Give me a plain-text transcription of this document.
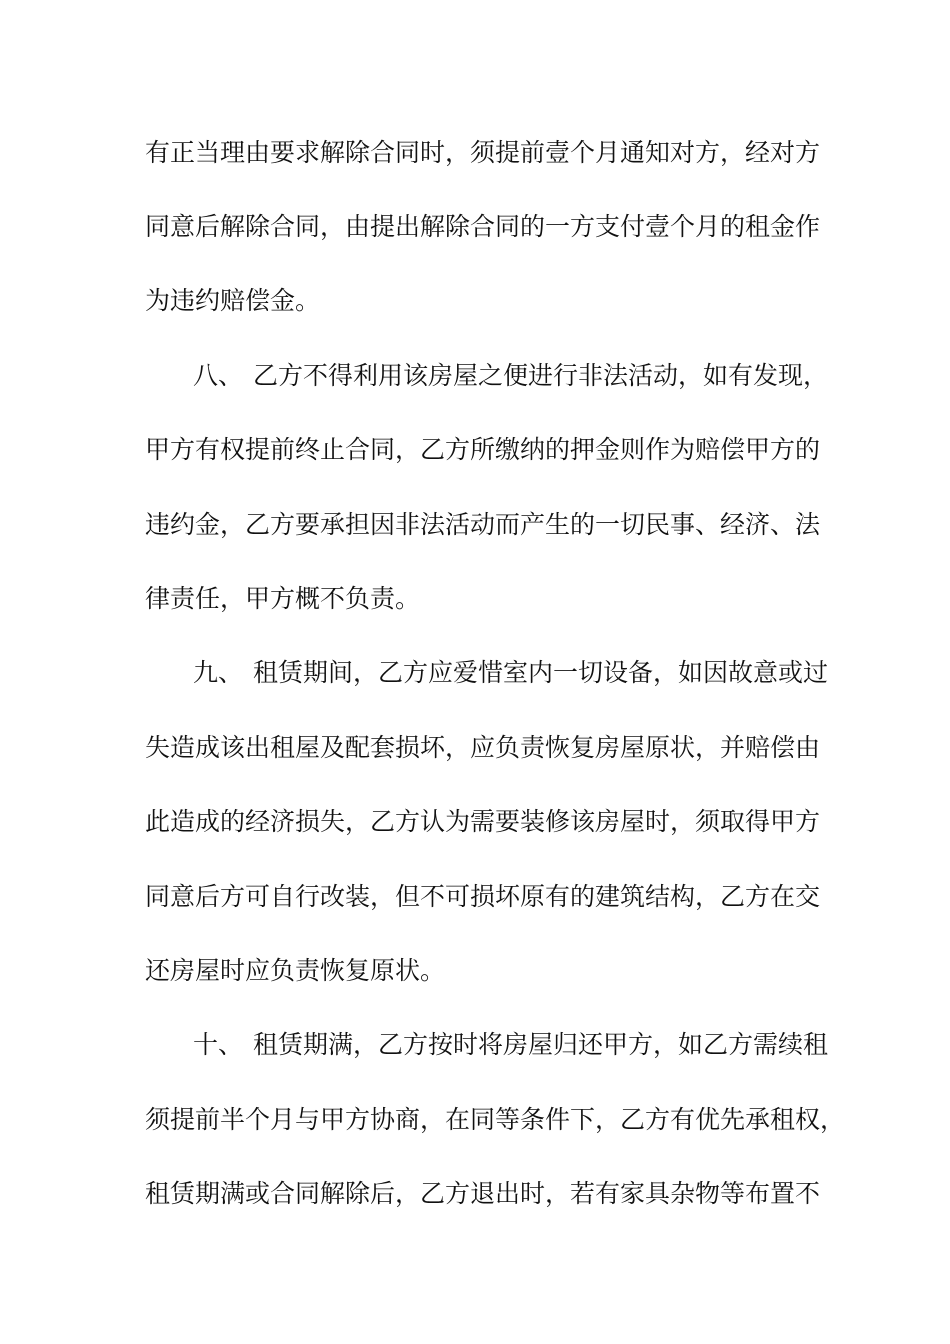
有正当理由要求解除合同时，须提前壹个月通知对方，经对方
同意后解除合同，由提出解除合同的一方支付壹个月的租金作
为违约赔偿金。
八、 乙方不得利用该房屋之便进行非法活动，如有发现，
甲方有权提前终止合同，乙方所缴纳的押金则作为赔偿甲方的
违约金，乙方要承担因非法活动而产生的一切民事、经济、法
律责任，甲方概不负责。
九、 租赁期间，乙方应爱惜室内一切设备，如因故意或过
失造成该出租屋及配套损坏，应负责恢复房屋原状，并赔偿由
此造成的经济损失，乙方认为需要装修该房屋时，须取得甲方
同意后方可自行改装，但不可损坏原有的建筑结构，乙方在交
还房屋时应负责恢复原状。
十、 租赁期满，乙方按时将房屋归还甲方，如乙方需续租
须提前半个月与甲方协商，在同等条件下，乙方有优先承租权，
租赁期满或合同解除后，乙方退出时，若有家具杂物等布置不
